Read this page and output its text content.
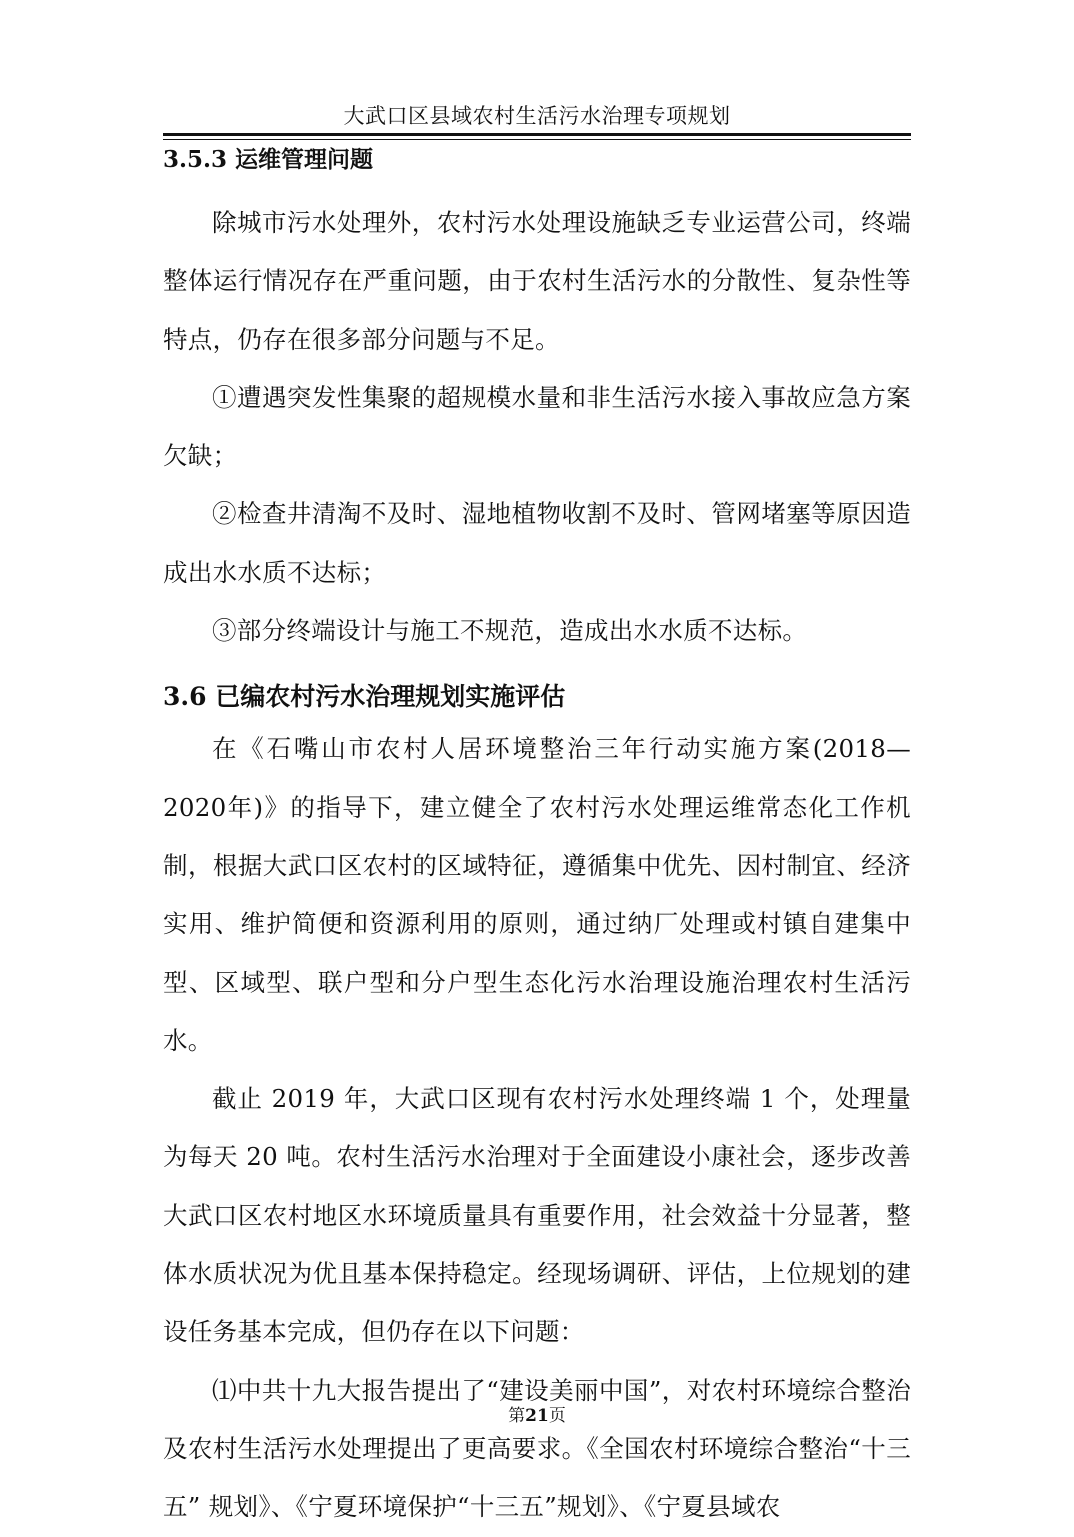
大武口区县域农村生活污水治理专项规划
3.5.3 运维管理问题

除城市污水处理外，农村污水处理设施缺乏专业运营公司，终端整体运行情况存在严重问题，由于农村生活污水的分散性、复杂性等特点，仍存在很多部分问题与不足。

①遭遇突发性集聚的超规模水量和非生活污水接入事故应急方案欠缺；

②检查井清淘不及时、湿地植物收割不及时、管网堵塞等原因造成出水水质不达标；

③部分终端设计与施工不规范，造成出水水质不达标。

3.6 已编农村污水治理规划实施评估

在《石嘴山市农村人居环境整治三年行动实施方案(2018—2020年)》的指导下，建立健全了农村污水处理运维常态化工作机制，根据大武口区农村的区域特征，遵循集中优先、因村制宜、经济实用、维护简便和资源利用的原则，通过纳厂处理或村镇自建集中型、区域型、联户型和分户型生态化污水治理设施治理农村生活污水。

截止 2019 年，大武口区现有农村污水处理终端 1 个，处理量为每天 20 吨。农村生活污水治理对于全面建设小康社会，逐步改善大武口区农村地区水环境质量具有重要作用，社会效益十分显著，整体水质状况为优且基本保持稳定。经现场调研、评估，上位规划的建设任务基本完成，但仍存在以下问题：

⑴中共十九大报告提出了“建设美丽中国”，对农村环境综合整治及农村生活污水处理提出了更高要求。《全国农村环境综合整治“十三五” 规划》、《宁夏环境保护“十三五”规划》、《宁夏县域农

第21页
